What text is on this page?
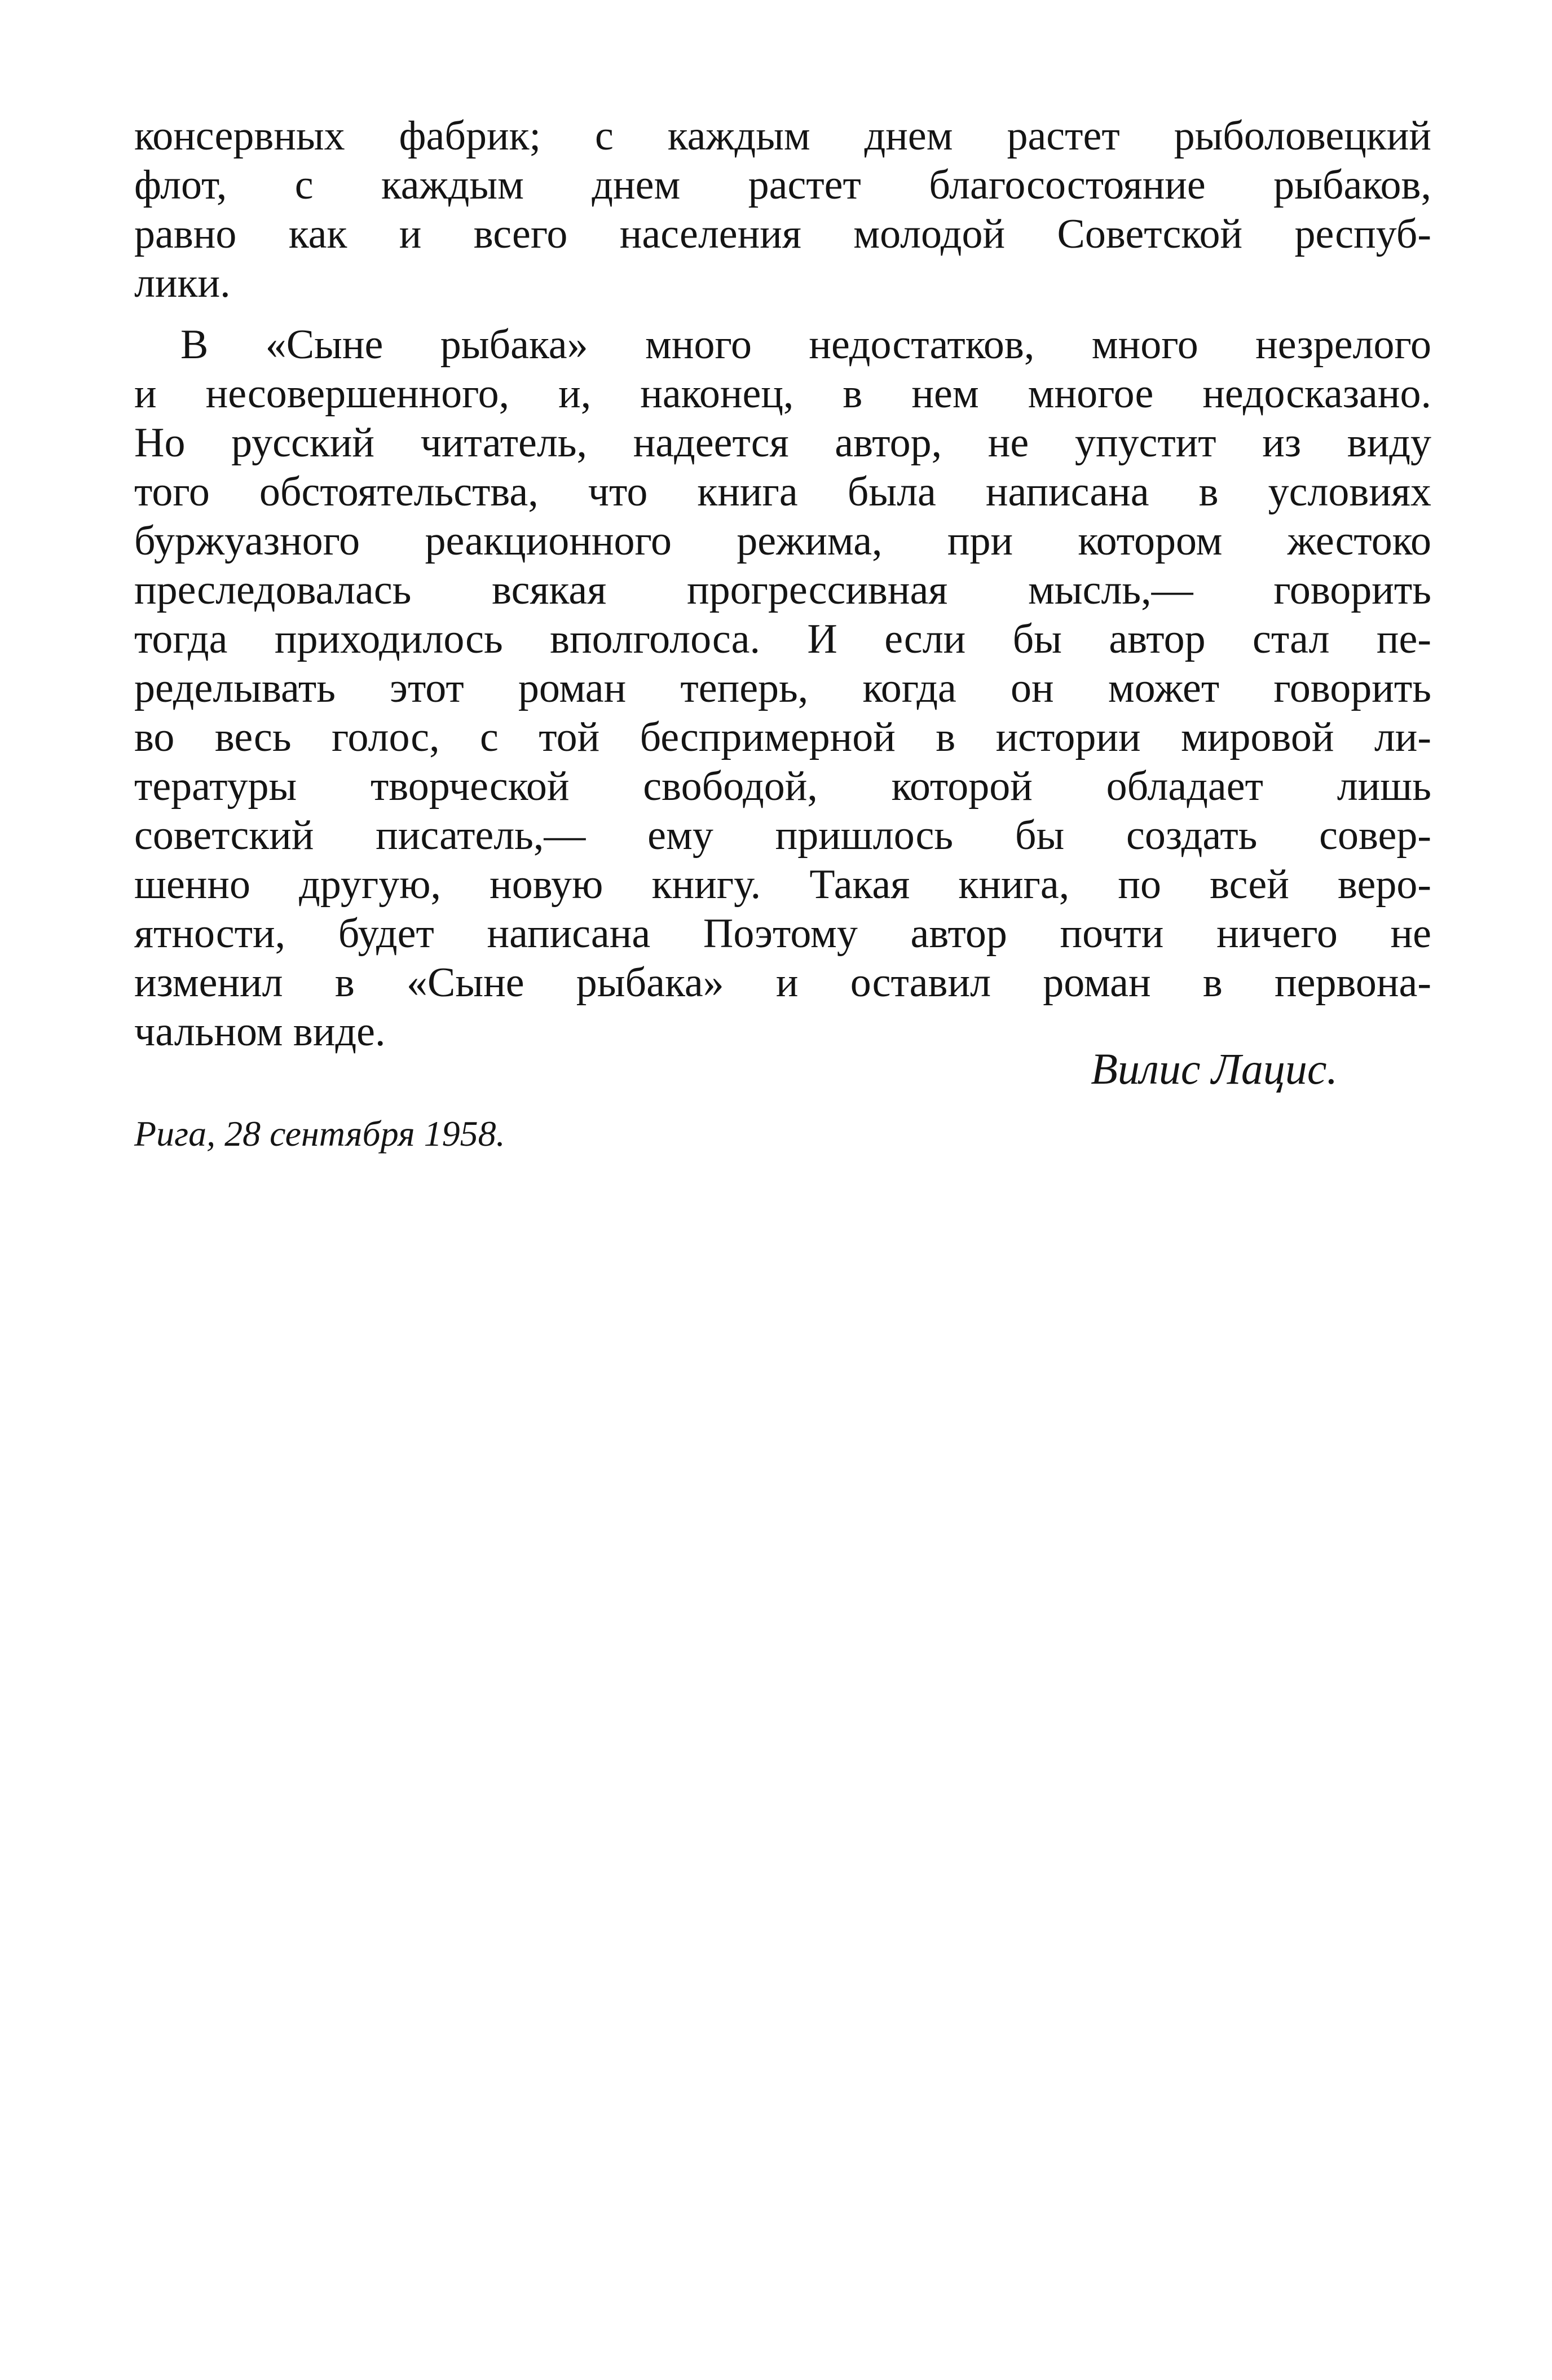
консервных фабрик; с каждым днем растет рыболовецкий
флот, с каждым днем растет благосостояние рыбаков,
равно как и всего населения молодой Советской респуб-
лики.
В «Сыне рыбака» много недостатков, много незрелого
и несовершенного, и, наконец, в нем многое недосказано.
Но русский читатель, надеется автор, не упустит из виду
того обстоятельства, что книга была написана в условиях
буржуазного реакционного режима, при котором жестоко
преследовалась всякая прогрессивная мысль,— говорить
тогда приходилось вполголоса. И если бы автор стал пе-
ределывать этот роман теперь, когда он может говорить
во весь голос, с той беспримерной в истории мировой ли-
тературы творческой свободой, которой обладает лишь
советский писатель,— ему пришлось бы создать совер-
шенно другую, новую книгу. Такая книга, по всей веро-
ятности, будет написана Поэтому автор почти ничего не
изменил в «Сыне рыбака» и оставил роман в первона-
чальном виде.
Вилис Лацис.
Рига, 28 сентября 1958.
